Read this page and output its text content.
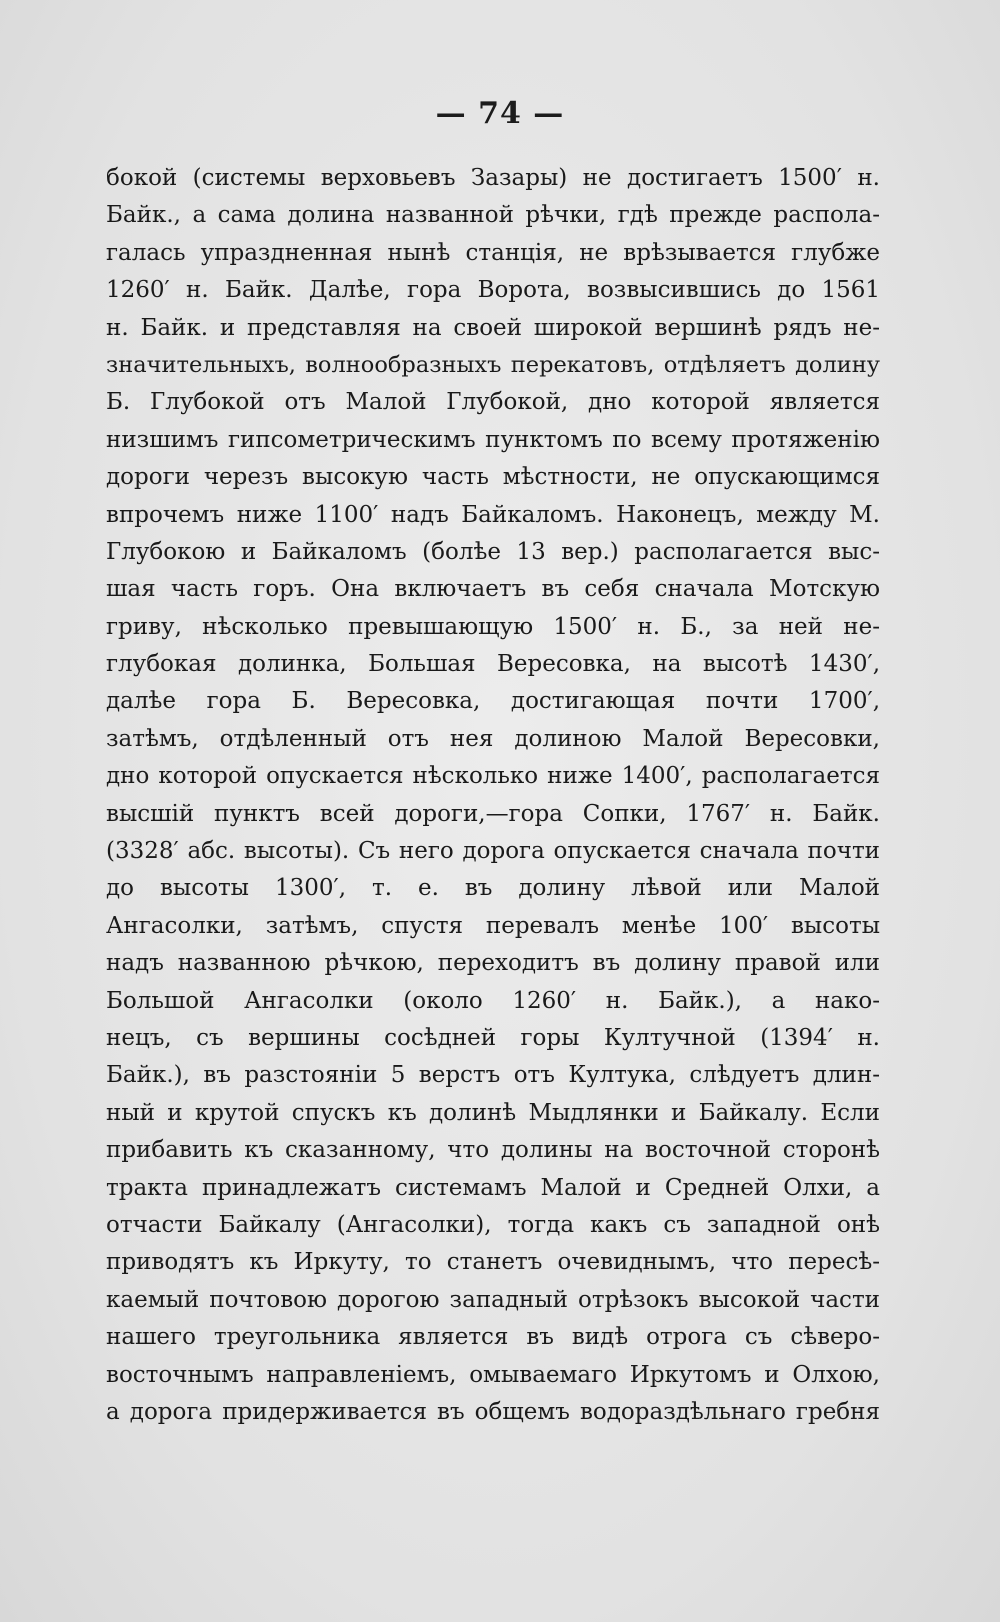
— 74 —
бокой (системы верховьевъ Зазары) не достигаетъ 1500′ н.
Байк., а сама долина названной рѣчки, гдѣ прежде распола-
галась упраздненная нынѣ станція, не врѣзывается глубже
1260′ н. Байк. Далѣе, гора Ворота, возвысившись до 1561
н. Байк. и представляя на своей широкой вершинѣ рядъ не-
значительныхъ, волнообразныхъ перекатовъ, отдѣляетъ долину
Б. Глубокой отъ Малой Глубокой, дно которой является
низшимъ гипсометрическимъ пунктомъ по всему протяженію
дороги черезъ высокую часть мѣстности, не опускающимся
впрочемъ ниже 1100′ надъ Байкаломъ. Наконецъ, между М.
Глубокою и Байкаломъ (болѣе 13 вер.) располагается выс-
шая часть горъ. Она включаетъ въ себя сначала Мотскую
гриву, нѣсколько превышающую 1500′ н. Б., за ней не-
глубокая долинка, Большая Вересовка, на высотѣ 1430′,
далѣе гора Б. Вересовка, достигающая почти 1700′,
затѣмъ, отдѣленный отъ нея долиною Малой Вересовки,
дно которой опускается нѣсколько ниже 1400′, располагается
высшій пунктъ всей дороги,—гора Сопки, 1767′ н. Байк.
(3328′ абс. высоты). Съ него дорога опускается сначала почти
до высоты 1300′, т. е. въ долину лѣвой или Малой
Ангасолки, затѣмъ, спустя перевалъ менѣе 100′ высоты
надъ названною рѣчкою, переходитъ въ долину правой или
Большой Ангасолки (около 1260′ н. Байк.), а нако-
нецъ, съ вершины сосѣдней горы Култучной (1394′ н.
Байк.), въ разстояніи 5 верстъ отъ Култука, слѣдуетъ длин-
ный и крутой спускъ къ долинѣ Мыдлянки и Байкалу. Если
прибавить къ сказанному, что долины на восточной сторонѣ
тракта принадлежатъ системамъ Малой и Средней Олхи, а
отчасти Байкалу (Ангасолки), тогда какъ съ западной онѣ
приводятъ къ Иркуту, то станетъ очевиднымъ, что пересѣ-
каемый почтовою дорогою западный отрѣзокъ высокой части
нашего треугольника является въ видѣ отрога съ сѣверо-
восточнымъ направленіемъ, омываемаго Иркутомъ и Олхою,
а дорога придерживается въ общемъ водораздѣльнаго гребня
